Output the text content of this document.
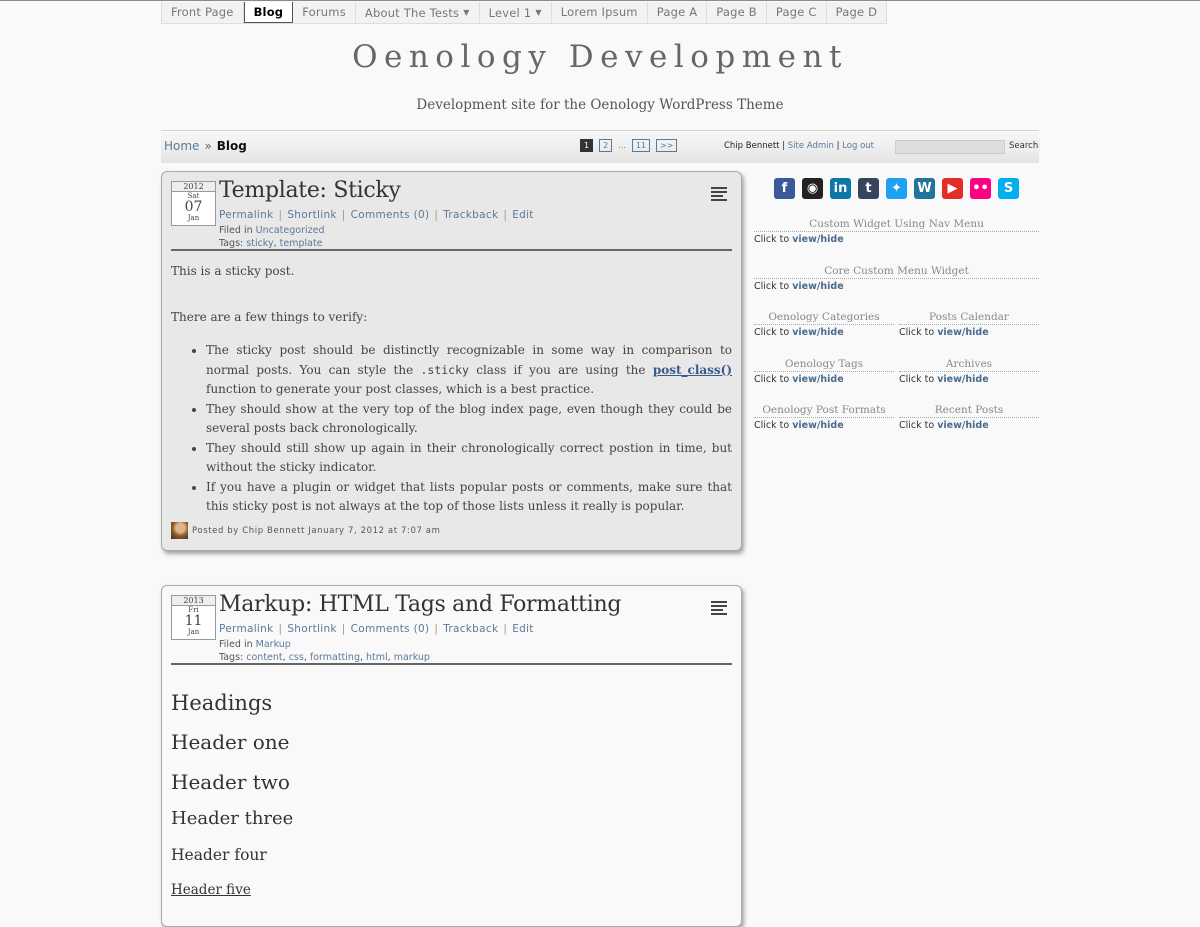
Front Page	Blog	Forums	About The Tests ▼	Level 1 ▼	Lorem Ipsum	Page A	Page B	Page C	Page D
Oenology Development
Development site for the Oenology WordPress Theme
Home » Blog	1	2	...	11	>>	Chip Bennett | Site Admin | Log out	Search
2012
Sat
07
Jan
Template: Sticky
Permalink | Shortlink | Comments (0) | Trackback | Edit
Filed in Uncategorized
Tags: sticky, template

This is a sticky post.

There are a few things to verify:

• The sticky post should be distinctly recognizable in some way in comparison to normal posts. You can style the .sticky class if you are using the post_class() function to generate your post classes, which is a best practice.
• They should show at the very top of the blog index page, even though they could be several posts back chronologically.
• They should still show up again in their chronologically correct postion in time, but without the sticky indicator.
• If you have a plugin or widget that lists popular posts or comments, make sure that this sticky post is not always at the top of those lists unless it really is popular.
Posted by Chip Bennett January 7, 2012 at 7:07 am
2013
Fri
11
Jan
Markup: HTML Tags and Formatting
Permalink | Shortlink | Comments (0) | Trackback | Edit
Filed in Markup
Tags: content, css, formatting, html, markup
Headings
Header one
Header two
Header three
Header four
Header five
f	◉	in	t	✦	W	▶	••	S
Custom Widget Using Nav Menu
Click to view/hide
Core Custom Menu Widget
Click to view/hide
Oenology Categories
Click to view/hide
Posts Calendar
Click to view/hide
Oenology Tags
Click to view/hide
Archives
Click to view/hide
Oenology Post Formats
Click to view/hide
Recent Posts
Click to view/hide
